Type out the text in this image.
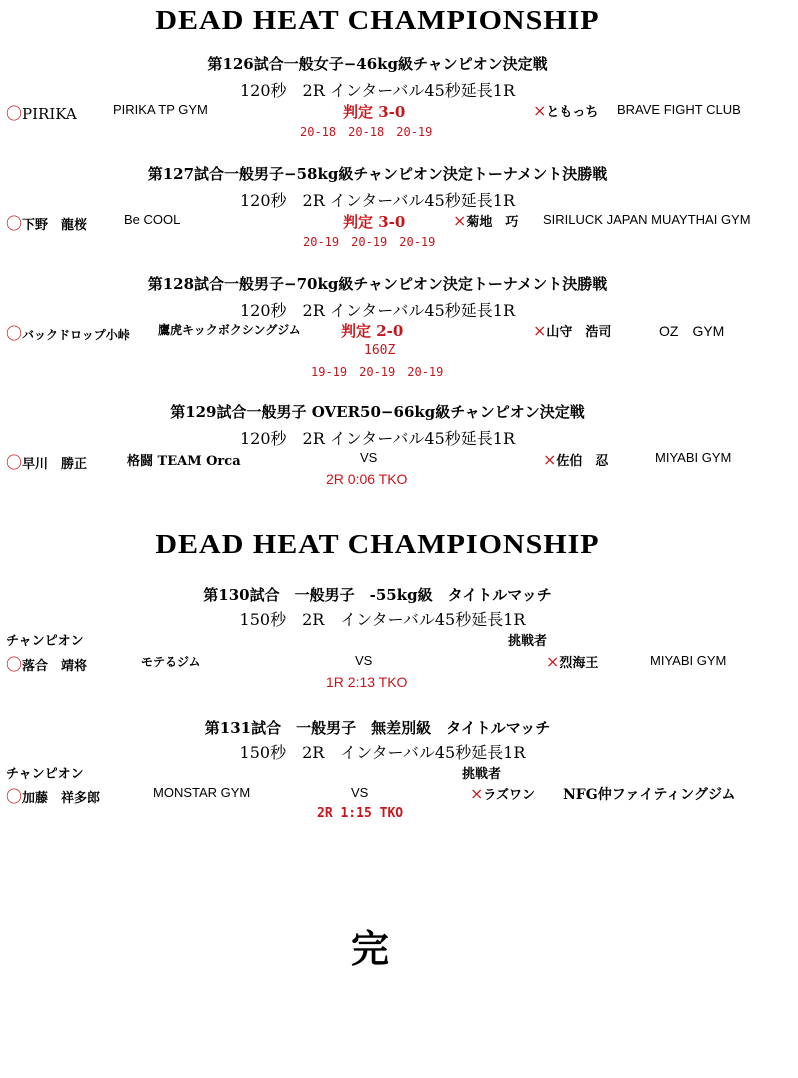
DEAD HEAT CHAMPIONSHIP
第126試合一般女子−46kg級チャンピオン決定戦
120秒　2R インターバル45秒延長1R
〇PIRIKA	PIRIKA TP GYM	判定 3-0	×ともっち BRAVE FIGHT CLUB
20-18　20-18　20-19
第127試合一般男子−58kg級チャンピオン決定トーナメント決勝戦
120秒　2R インターバル45秒延長1R
〇下野　龍桜	Be COOL	判定 3-0	×菊地　巧 SIRILUCK JAPAN MUAYTHAI GYM
20-19　20-19　20-19
第128試合一般男子−70kg級チャンピオン決定トーナメント決勝戦
120秒　2R インターバル45秒延長1R
〇バックドロップ小峠 鷹虎キックボクシングジム	判定 2-0	×山守　浩司	OZ　GYM
160Z
19-19　20-19　20-19
第129試合一般男子 OVER50−66kg級チャンピオン決定戦
120秒　2R インターバル45秒延長1R
〇早川　勝正	格闘 TEAM Orca	VS	×佐伯　忍	MIYABI GYM
2R 0:06 TKO
DEAD HEAT CHAMPIONSHIP
第130試合　一般男子　-55kg級　タイトルマッチ
150秒　2R　インターバル45秒延長1R
チャンピオン	挑戦者
〇落合　靖将	モテるジム	VS	×烈海王	MIYABI GYM
1R 2:13 TKO
第131試合　一般男子　無差別級　タイトルマッチ
150秒　2R　インターバル45秒延長1R
チャンピオン	挑戦者
〇加藤　祥多郎	MONSTAR GYM	VS	×ラズワン NFG仲ファイティングジム
2R 1:15 TKO
完
